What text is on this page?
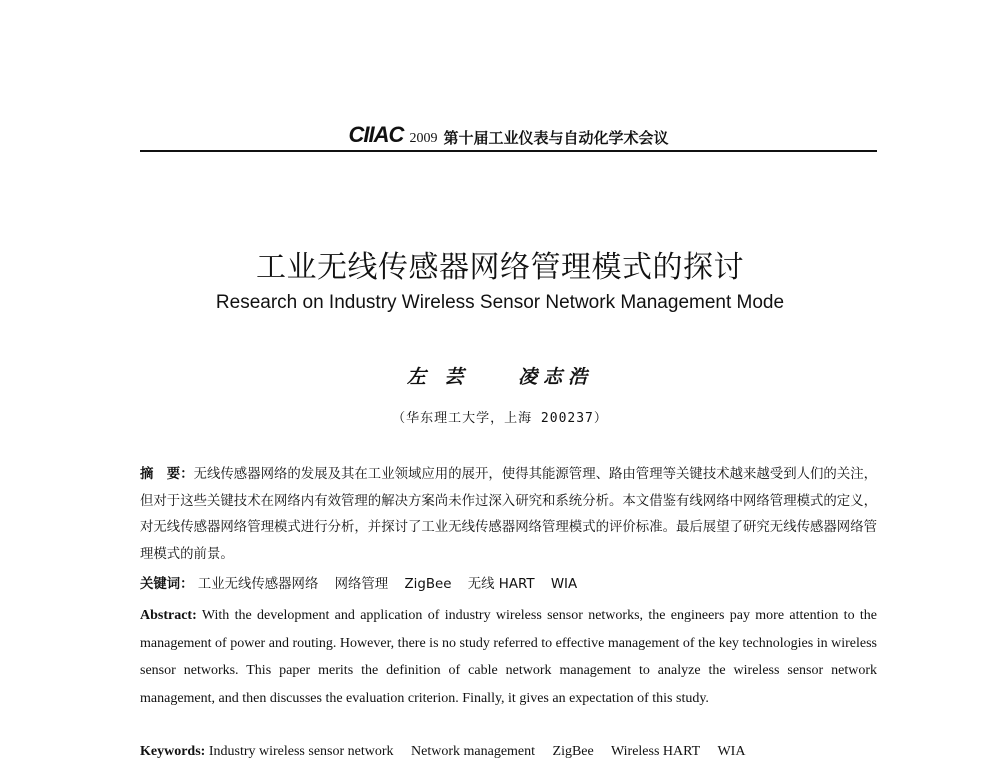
CIIAC 2009 第十届工业仪表与自动化学术会议
工业无线传感器网络管理模式的探讨
Research on Industry Wireless Sensor Network Management Mode
左 芸	凌志浩
（华东理工大学，上海 200237）
摘　要：无线传感器网络的发展及其在工业领域应用的展开，使得其能源管理、路由管理等关键技术越来越受到人们的关注，但对于这些关键技术在网络内有效管理的解决方案尚未作过深入研究和系统分析。本文借鉴有线网络中网络管理模式的定义，对无线传感器网络管理模式进行分析，并探讨了工业无线传感器网络管理模式的评价标准。最后展望了研究无线传感器网络管理模式的前景。
关键词： 工业无线传感器网络 网络管理 ZigBee 无线 HART WIA
Abstract: With the development and application of industry wireless sensor networks, the engineers pay more attention to the management of power and routing. However, there is no study referred to effective management of the key technologies in wireless sensor networks. This paper merits the definition of cable network management to analyze the wireless sensor network management, and then discusses the evaluation criterion. Finally, it gives an expectation of this study.
Keywords: Industry wireless sensor network Network management ZigBee Wireless HART WIA
